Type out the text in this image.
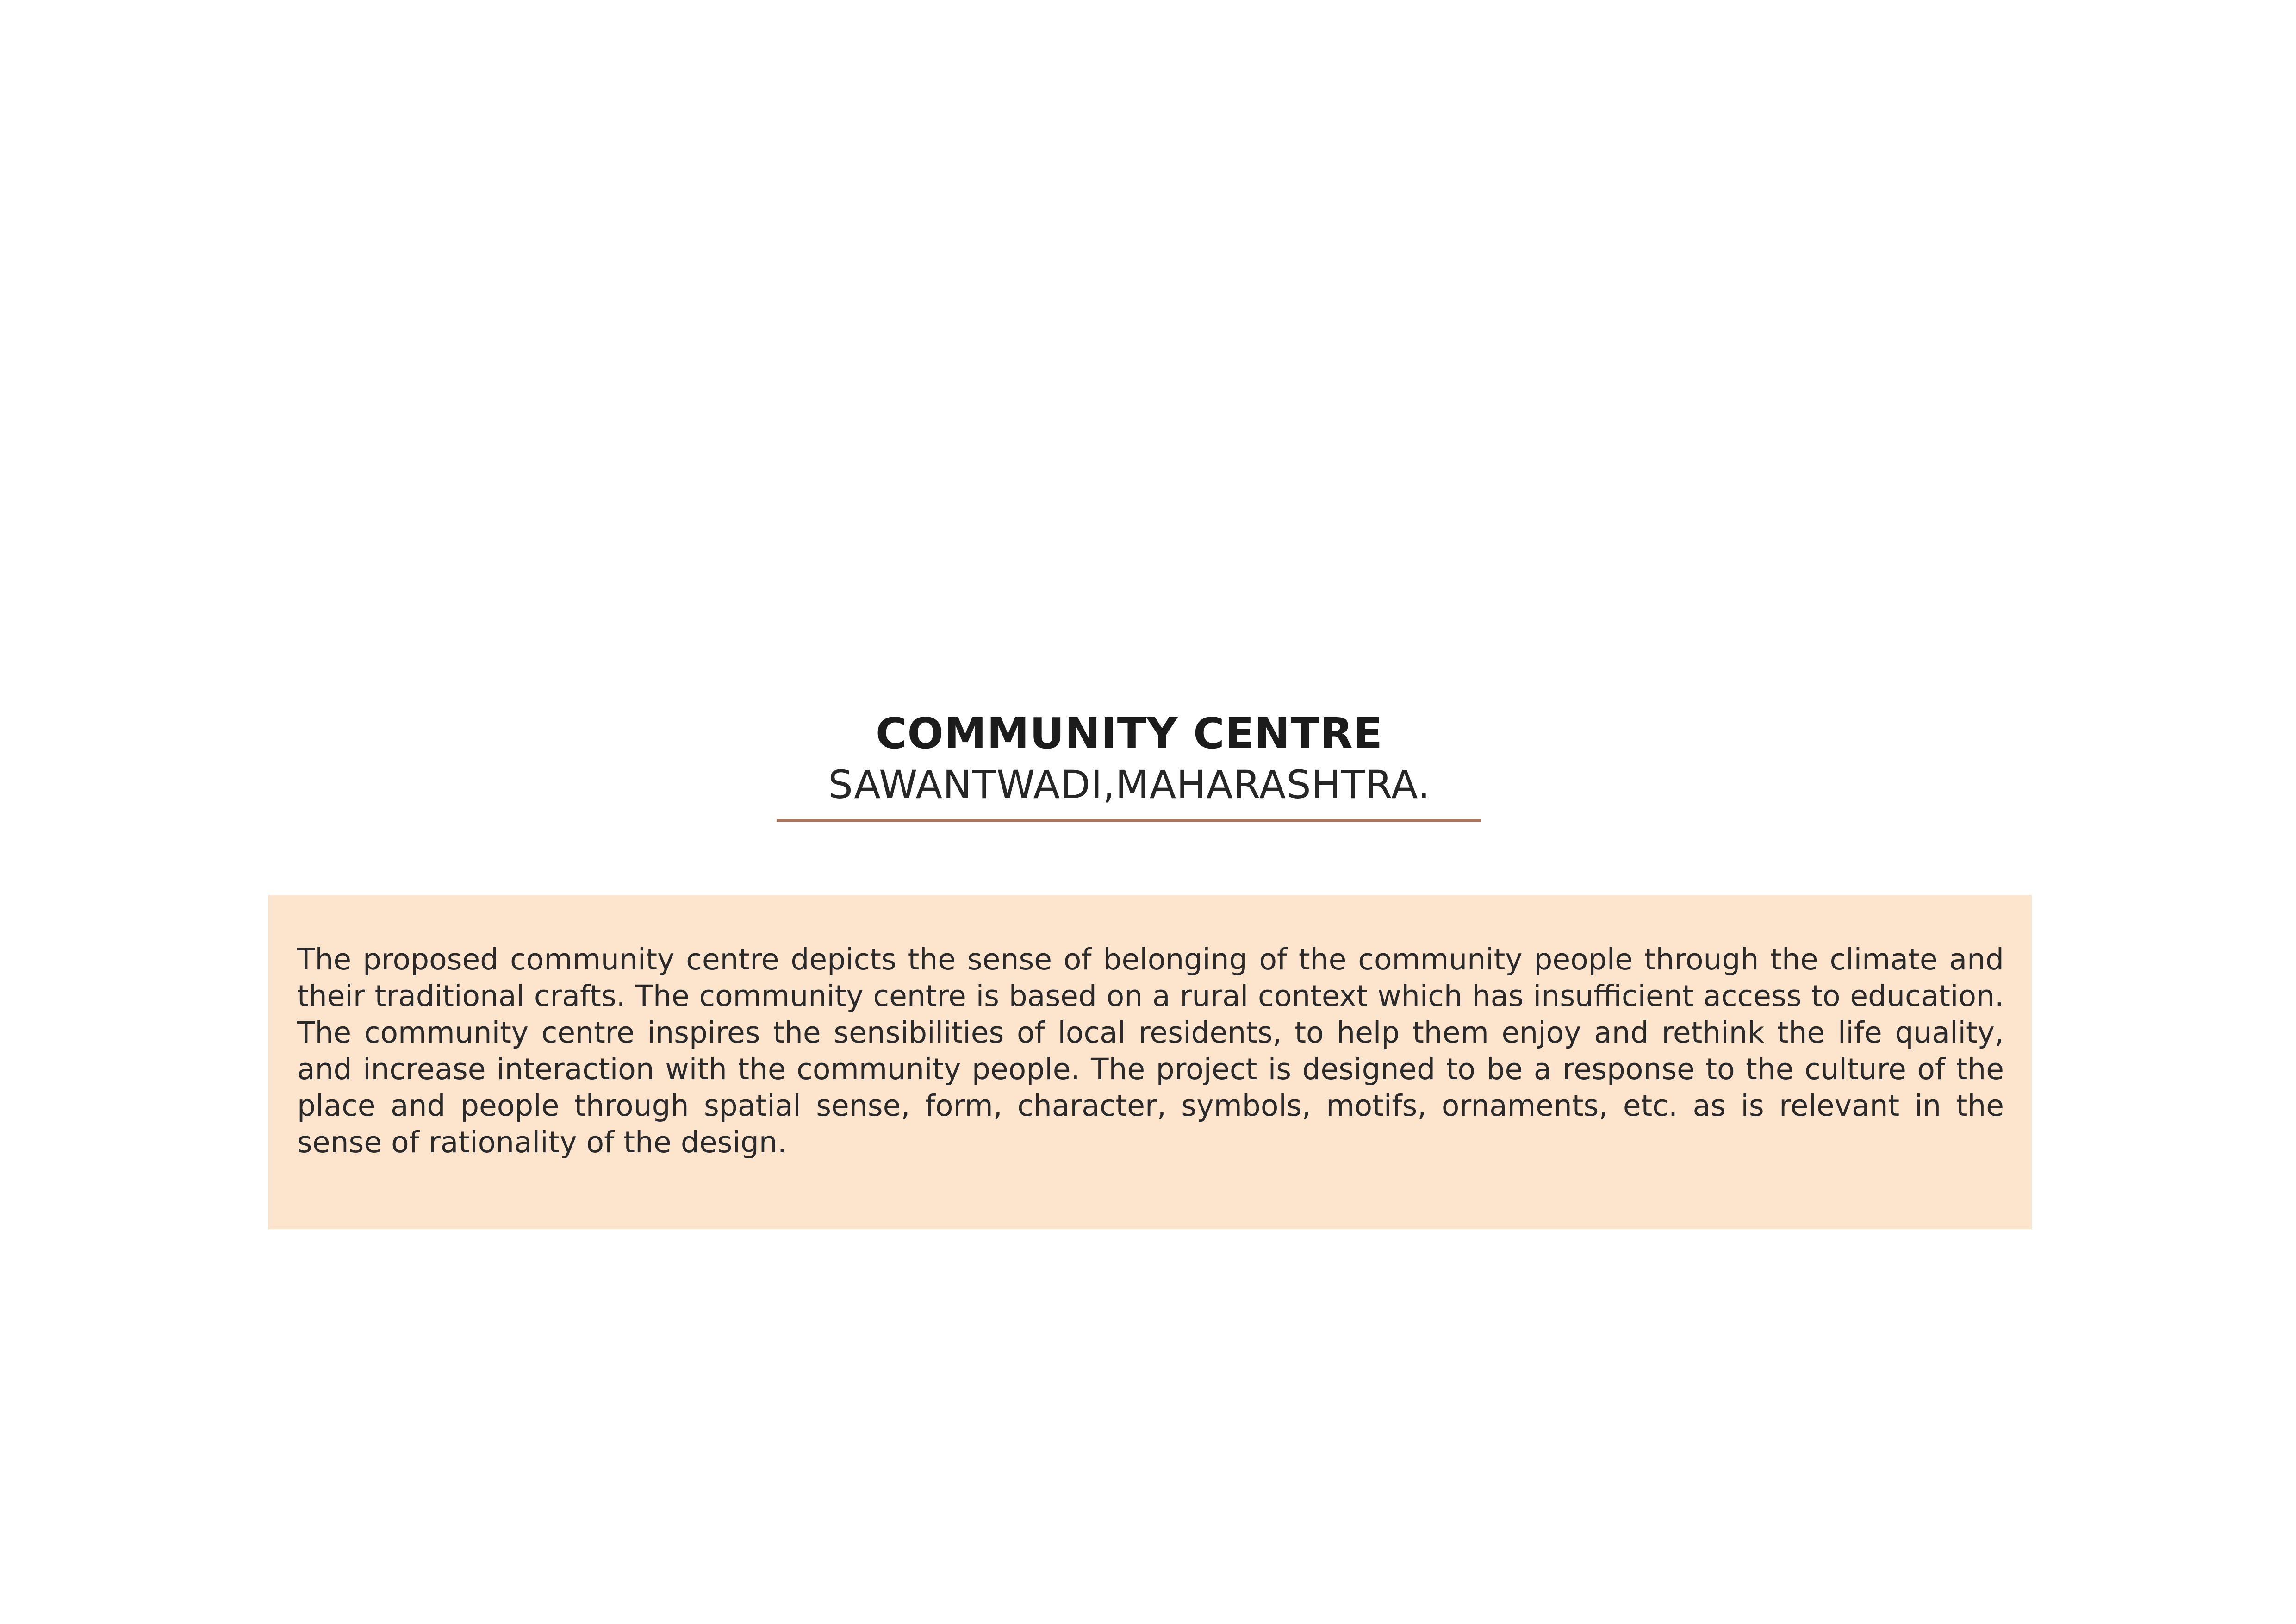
COMMUNITY CENTRE

SAWANTWADI,MAHARASHTRA.

The proposed community centre depicts the sense of belonging of the community people through the climate and their traditional crafts. The community centre is based on a rural context which has insufficient access to education. The community centre inspires the sensibilities of local residents, to help them enjoy and rethink the life quality, and increase interaction with the community people. The project is designed to be a response to the culture of the place and people through spatial sense, form, character, symbols, motifs, ornaments, etc. as is relevant in the sense of rationality of the design.
